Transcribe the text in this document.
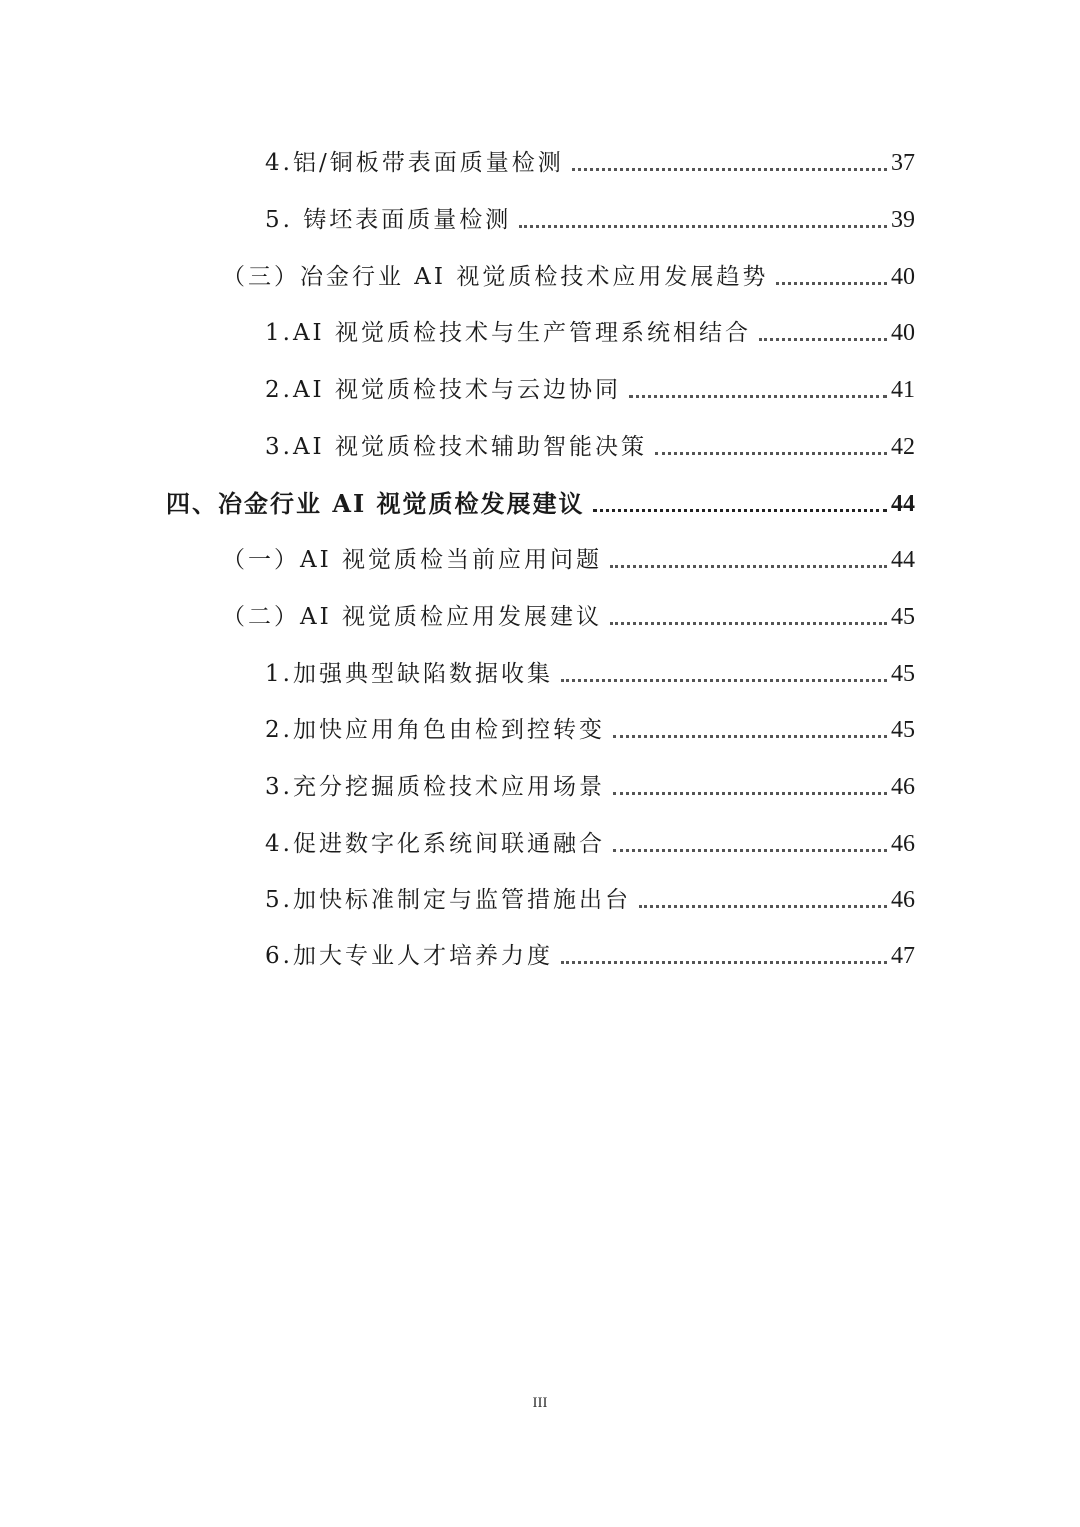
4.铝/铜板带表面质量检测	37
5. 铸坯表面质量检测	39
（三）冶金行业 AI 视觉质检技术应用发展趋势	40
1.AI 视觉质检技术与生产管理系统相结合	40
2.AI 视觉质检技术与云边协同	41
3.AI 视觉质检技术辅助智能决策	42
四、冶金行业 AI 视觉质检发展建议	44
（一）AI 视觉质检当前应用问题	44
（二）AI 视觉质检应用发展建议	45
1.加强典型缺陷数据收集	45
2.加快应用角色由检到控转变	45
3.充分挖掘质检技术应用场景	46
4.促进数字化系统间联通融合	46
5.加快标准制定与监管措施出台	46
6.加大专业人才培养力度	47
III
